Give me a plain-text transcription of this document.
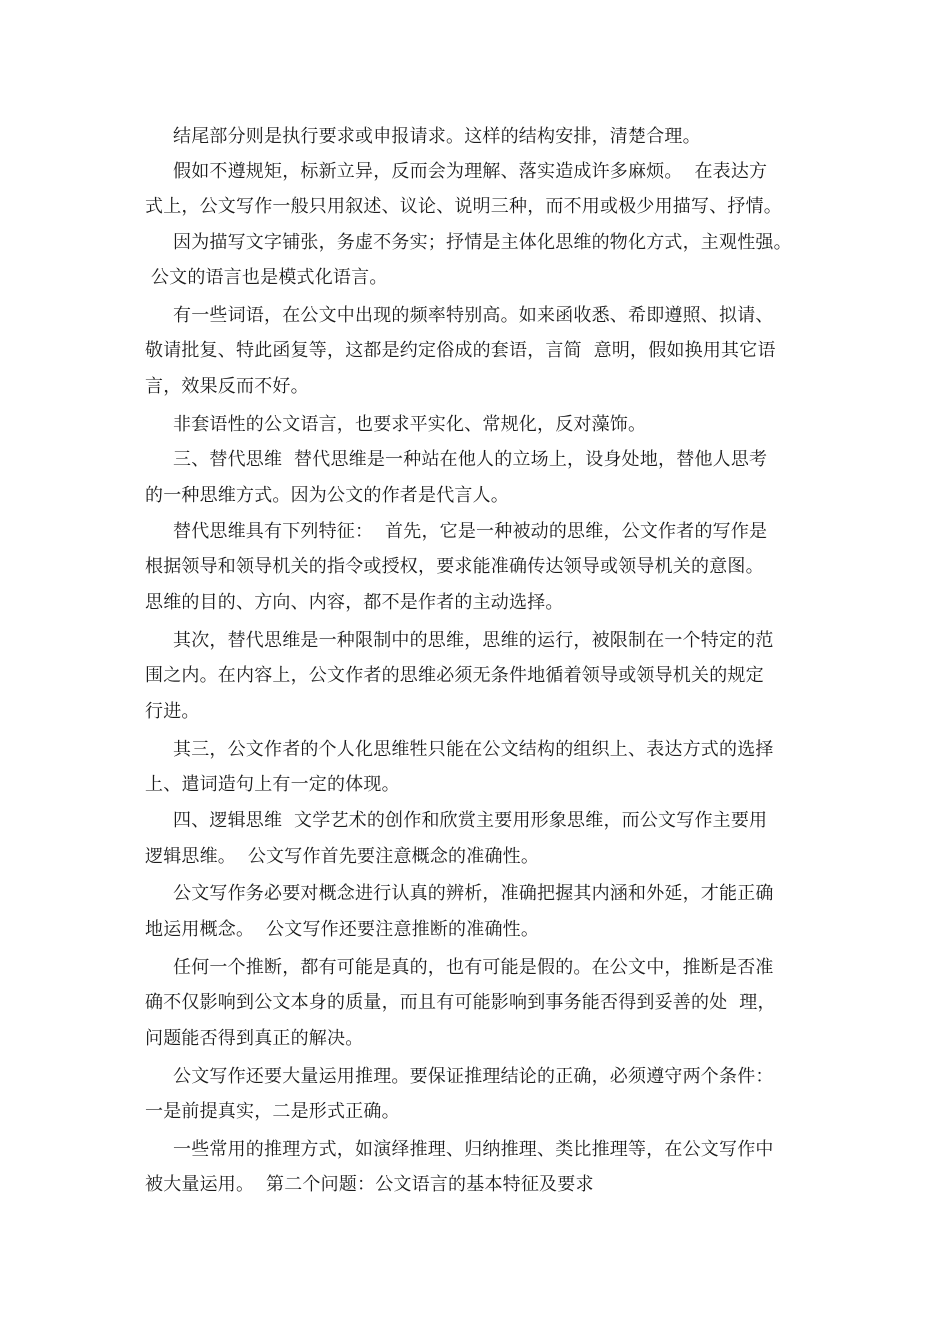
结尾部分则是执行要求或申报请求。这样的结构安排，清楚合理。
假如不遵规矩，标新立异，反而会为理解、落实造成许多麻烦。  在表达方
式上，公文写作一般只用叙述、议论、说明三种，而不用或极少用描写、抒情。
因为描写文字铺张，务虚不务实；抒情是主体化思维的物化方式，主观性强。
公文的语言也是模式化语言。
有一些词语，在公文中出现的频率特别高。如来函收悉、希即遵照、拟请、
敬请批复、特此函复等，这都是约定俗成的套语，言简  意明，假如换用其它语
言，效果反而不好。
非套语性的公文语言，也要求平实化、常规化，反对藻饰。
三、替代思维  替代思维是一种站在他人的立场上，设身处地，替他人思考
的一种思维方式。因为公文的作者是代言人。
替代思维具有下列特征：  首先，它是一种被动的思维，公文作者的写作是
根据领导和领导机关的指令或授权，要求能准确传达领导或领导机关的意图。
思维的目的、方向、内容，都不是作者的主动选择。
其次，替代思维是一种限制中的思维，思维的运行，被限制在一个特定的范
围之内。在内容上，公文作者的思维必须无条件地循着领导或领导机关的规定
行进。
其三，公文作者的个人化思维牲只能在公文结构的组织上、表达方式的选择
上、遣词造句上有一定的体现。
四、逻辑思维  文学艺术的创作和欣赏主要用形象思维，而公文写作主要用
逻辑思维。  公文写作首先要注意概念的准确性。
公文写作务必要对概念进行认真的辨析，准确把握其内涵和外延，才能正确
地运用概念。  公文写作还要注意推断的准确性。
任何一个推断，都有可能是真的，也有可能是假的。在公文中，推断是否准
确不仅影响到公文本身的质量，而且有可能影响到事务能否得到妥善的处  理，
问题能否得到真正的解决。
公文写作还要大量运用推理。要保证推理结论的正确，必须遵守两个条件：
一是前提真实，二是形式正确。
一些常用的推理方式，如演绎推理、归纳推理、类比推理等，在公文写作中
被大量运用。  第二个问题：公文语言的基本特征及要求
